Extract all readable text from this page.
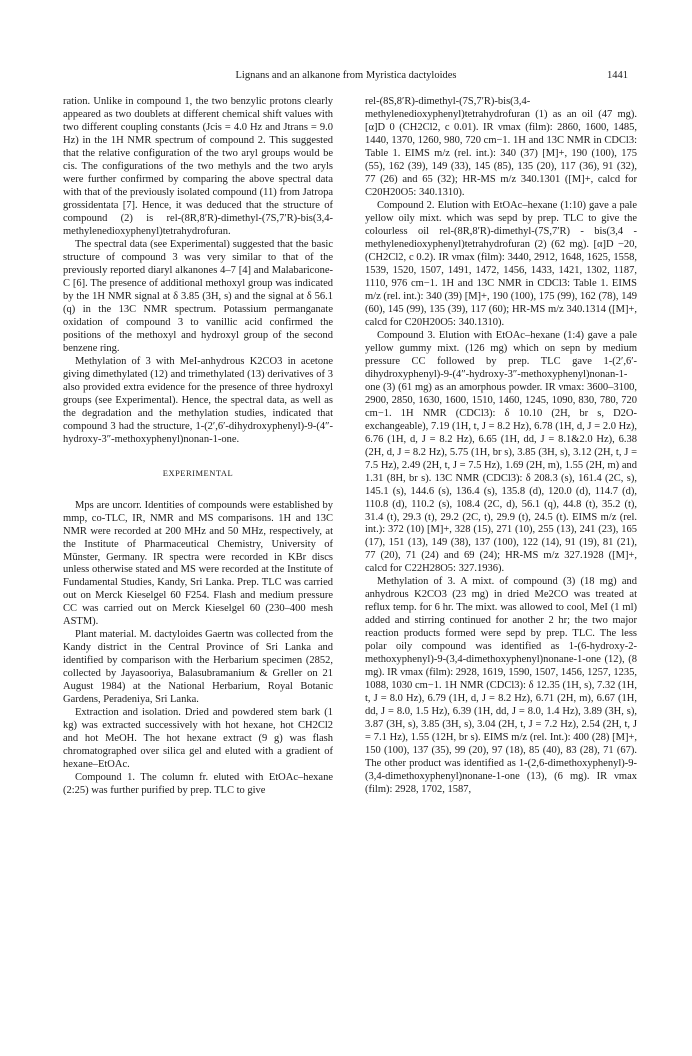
Lignans and an alkanone from Myristica dactyloides	1441

ration. Unlike in compound 1, the two benzylic protons clearly appeared as two doublets at different chemical shift values with two different coupling constants (Jcis = 4.0 Hz and Jtrans = 9.0 Hz) in the 1H NMR spectrum of compound 2. This suggested that the relative configuration of the two aryl groups would be cis. The configurations of the two methyls and the two aryls were further confirmed by comparing the above spectral data with that of the previously isolated compound (11) from Jatropa grossidentata [7]. Hence, it was deduced that the structure of compound (2) is rel-(8R,8′R)-dimethyl-(7S,7′R)-bis(3,4-methylenedioxyphenyl)tetrahydrofuran.

The spectral data (see Experimental) suggested that the basic structure of compound 3 was very similar to that of the previously reported diaryl alkanones 4–7 [4] and Malabaricone-C [6]. The presence of additional methoxyl group was indicated by the 1H NMR signal at δ 3.85 (3H, s) and the signal at δ 56.1 (q) in the 13C NMR spectrum. Potassium permanganate oxidation of compound 3 to vanillic acid confirmed the positions of the methoxyl and hydroxyl group of the second benzene ring.

Methylation of 3 with MeI-anhydrous K2CO3 in acetone giving dimethylated (12) and trimethylated (13) derivatives of 3 also provided extra evidence for the presence of three hydroxyl groups (see Experimental). Hence, the spectral data, as well as the degradation and the methylation studies, indicated that compound 3 had the structure, 1-(2′,6′-dihydroxyphenyl)-9-(4″-hydroxy-3″-methoxyphenyl)nonan-1-one.

EXPERIMENTAL

Mps are uncorr. Identities of compounds were established by mmp, co-TLC, IR, NMR and MS comparisons. 1H and 13C NMR were recorded at 200 MHz and 50 MHz, respectively, at the Institute of Pharmaceutical Chemistry, University of Münster, Germany. IR spectra were recorded in KBr discs unless otherwise stated and MS were recorded at the Institute of Fundamental Studies, Kandy, Sri Lanka. Prep. TLC was carried out on Merck Kieselgel 60 F254. Flash and medium pressure CC was carried out on Merck Kieselgel 60 (230–400 mesh ASTM).

Plant material. M. dactyloides Gaertn was collected from the Kandy district in the Central Province of Sri Lanka and identified by comparison with the Herbarium specimen (2852, collected by Jayasooriya, Balasubramanium & Greller on 21 August 1984) at the National Herbarium, Royal Botanic Gardens, Peradeniya, Sri Lanka.

Extraction and isolation. Dried and powdered stem bark (1 kg) was extracted successively with hot hexane, hot CH2Cl2 and hot MeOH. The hot hexane extract (9 g) was flash chromatographed over silica gel and eluted with a gradient of hexane–EtOAc.

Compound 1. The column fr. eluted with EtOAc–hexane (2:25) was further purified by prep. TLC to give

rel-(8S,8′R)-dimethyl-(7S,7′R)-bis(3,4-methylenedioxyphenyl)tetrahydrofuran (1) as an oil (47 mg). [α]D 0 (CH2Cl2, c 0.01). IR νmax (film): 2860, 1600, 1485, 1440, 1370, 1260, 980, 720 cm−1. 1H and 13C NMR in CDCl3: Table 1. EIMS m/z (rel. int.): 340 (37) [M]+, 190 (100), 175 (55), 162 (39), 149 (33), 145 (85), 135 (20), 117 (36), 91 (32), 77 (26) and 65 (32); HR-MS m/z 340.1301 ([M]+, calcd for C20H20O5: 340.1310).

Compound 2. Elution with EtOAc–hexane (1:10) gave a pale yellow oily mixt. which was sepd by prep. TLC to give the colourless oil rel-(8R,8′R)-dimethyl-(7S,7′R) - bis(3,4 - methylenedioxyphenyl)tetrahydrofuran (2) (62 mg). [α]D −20, (CH2Cl2, c 0.2). IR νmax (film): 3440, 2912, 1648, 1625, 1558, 1539, 1520, 1507, 1491, 1472, 1456, 1433, 1421, 1302, 1187, 1110, 976 cm−1. 1H and 13C NMR in CDCl3: Table 1. EIMS m/z (rel. int.): 340 (39) [M]+, 190 (100), 175 (99), 162 (78), 149 (60), 145 (99), 135 (39), 117 (60); HR-MS m/z 340.1314 ([M]+, calcd for C20H20O5: 340.1310).

Compound 3. Elution with EtOAc–hexane (1:4) gave a pale yellow gummy mixt. (126 mg) which on sepn by medium pressure CC followed by prep. TLC gave 1-(2′,6′-dihydroxyphenyl)-9-(4″-hydroxy-3″-methoxyphenyl)nonan-1-one (3) (61 mg) as an amorphous powder. IR νmax: 3600–3100, 2900, 2850, 1630, 1600, 1510, 1460, 1245, 1090, 830, 780, 720 cm−1. 1H NMR (CDCl3): δ 10.10 (2H, br s, D2O-exchangeable), 7.19 (1H, t, J = 8.2 Hz), 6.78 (1H, d, J = 2.0 Hz), 6.76 (1H, d, J = 8.2 Hz), 6.65 (1H, dd, J = 8.1&2.0 Hz), 6.38 (2H, d, J = 8.2 Hz), 5.75 (1H, br s), 3.85 (3H, s), 3.12 (2H, t, J = 7.5 Hz), 2.49 (2H, t, J = 7.5 Hz), 1.69 (2H, m), 1.55 (2H, m) and 1.31 (8H, br s). 13C NMR (CDCl3): δ 208.3 (s), 161.4 (2C, s), 145.1 (s), 144.6 (s), 136.4 (s), 135.8 (d), 120.0 (d), 114.7 (d), 110.8 (d), 110.2 (s), 108.4 (2C, d), 56.1 (q), 44.8 (t), 35.2 (t), 31.4 (t), 29.3 (t), 29.2 (2C, t), 29.9 (t), 24.5 (t). EIMS m/z (rel. int.): 372 (10) [M]+, 328 (15), 271 (10), 255 (13), 241 (23), 165 (17), 151 (13), 149 (38), 137 (100), 122 (14), 91 (19), 81 (21), 77 (20), 71 (24) and 69 (24); HR-MS m/z 327.1928 ([M]+, calcd for C22H28O5: 327.1936).

Methylation of 3. A mixt. of compound (3) (18 mg) and anhydrous K2CO3 (23 mg) in dried Me2CO was treated at reflux temp. for 6 hr. The mixt. was allowed to cool, MeI (1 ml) added and stirring continued for another 2 hr; the two major reaction products formed were sepd by prep. TLC. The less polar oily compound was identified as 1-(6-hydroxy-2-methoxyphenyl)-9-(3,4-dimethoxyphenyl)nonane-1-one (12), (8 mg). IR νmax (film): 2928, 1619, 1590, 1507, 1456, 1257, 1235, 1088, 1030 cm−1. 1H NMR (CDCl3): δ 12.35 (1H, s), 7.32 (1H, t, J = 8.0 Hz), 6.79 (1H, d, J = 8.2 Hz), 6.71 (2H, m), 6.67 (1H, dd, J = 8.0, 1.5 Hz), 6.39 (1H, dd, J = 8.0, 1.4 Hz), 3.89 (3H, s), 3.87 (3H, s), 3.85 (3H, s), 3.04 (2H, t, J = 7.2 Hz), 2.54 (2H, t, J = 7.1 Hz), 1.55 (12H, br s). EIMS m/z (rel. Int.): 400 (28) [M]+, 150 (100), 137 (35), 99 (20), 97 (18), 85 (40), 83 (28), 71 (67). The other product was identified as 1-(2,6-dimethoxyphenyl)-9-(3,4-dimethoxyphenyl)nonane-1-one (13), (6 mg). IR νmax (film): 2928, 1702, 1587,
